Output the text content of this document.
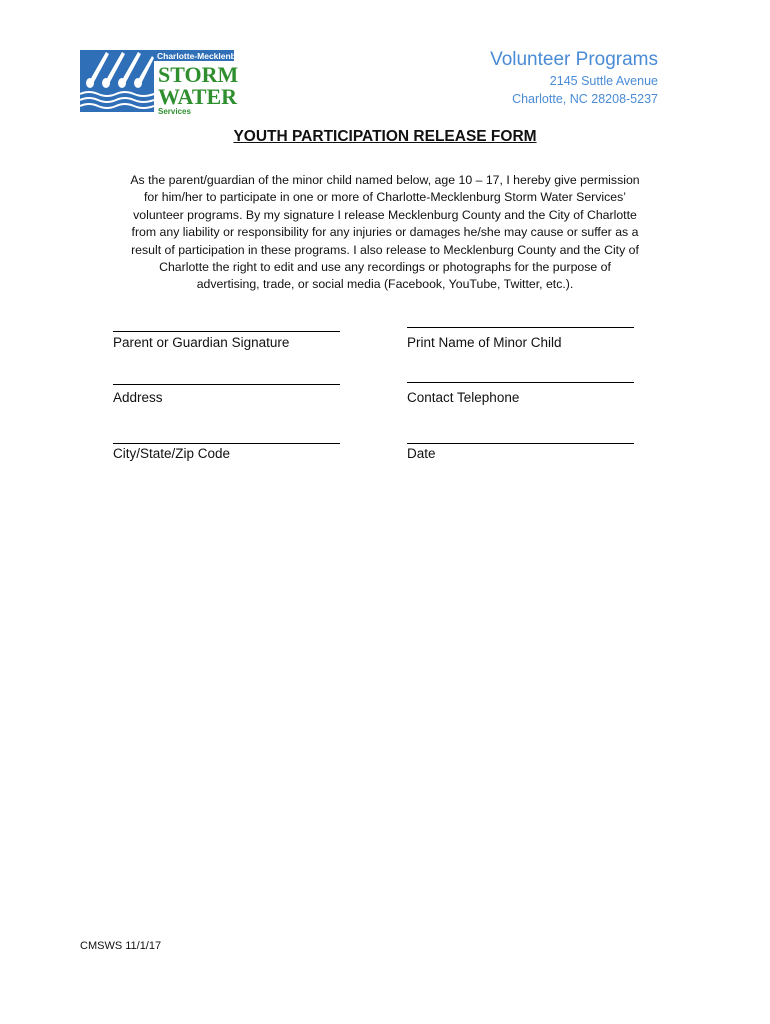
Charlotte-Mecklenburg
STORM
WATER
Services
Volunteer Programs
2145 Suttle Avenue
Charlotte, NC 28208-5237
YOUTH PARTICIPATION RELEASE FORM
As the parent/guardian of the minor child named below, age 10 – 17, I hereby give permission
for him/her to participate in one or more of Charlotte-Mecklenburg Storm Water Services’
volunteer programs. By my signature I release Mecklenburg County and the City of Charlotte
from any liability or responsibility for any injuries or damages he/she may cause or suffer as a
result of participation in these programs. I also release to Mecklenburg County and the City of
Charlotte the right to edit and use any recordings or photographs for the purpose of
advertising, trade, or social media (Facebook, YouTube, Twitter, etc.).
Parent or Guardian Signature	Print Name of Minor Child
Address	Contact Telephone
City/State/Zip Code	Date
CMSWS 11/1/17
